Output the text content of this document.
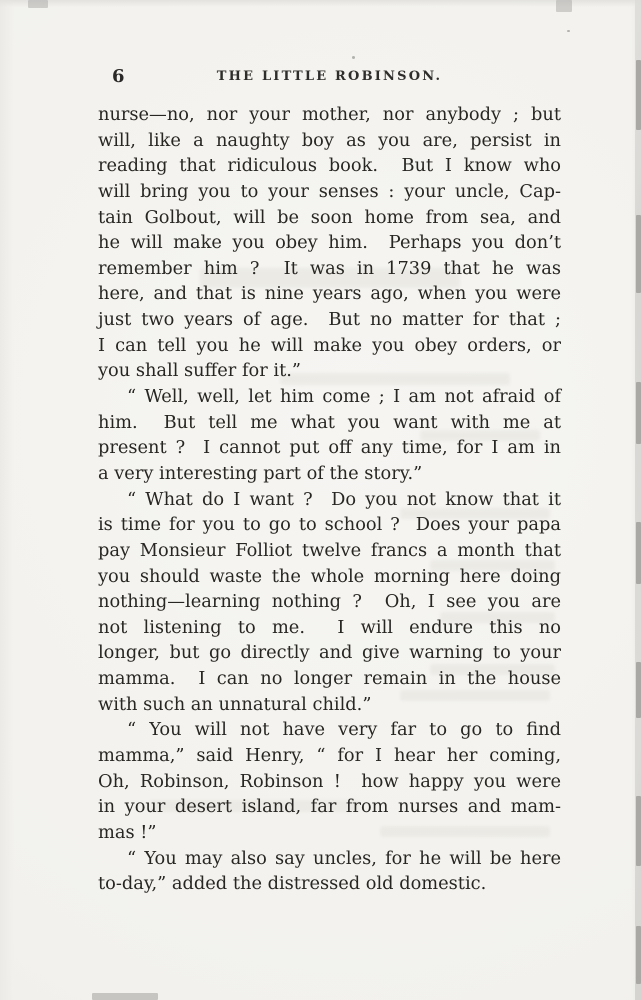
6	THE LITTLE ROBINSON.
nurse—no, nor your mother, nor anybody ; but
will, like a naughty boy as you are, persist in
reading that ridiculous book.  But I know who
will bring you to your senses : your uncle, Cap-
tain Golbout, will be soon home from sea, and
he will make you obey him.  Perhaps you don’t
remember him ?  It was in 1739 that he was
here, and that is nine years ago, when you were
just two years of age.  But no matter for that ;
I can tell you he will make you obey orders, or
you shall suffer for it.”
“ Well, well, let him come ; I am not afraid of
him.  But tell me what you want with me at
present ?  I cannot put off any time, for I am in
a very interesting part of the story.”
“ What do I want ?  Do you not know that it
is time for you to go to school ?  Does your papa
pay Monsieur Folliot twelve francs a month that
you should waste the whole morning here doing
nothing—learning nothing ?  Oh, I see you are
not listening to me.  I will endure this no
longer, but go directly and give warning to your
mamma.  I can no longer remain in the house
with such an unnatural child.”
“ You will not have very far to go to find
mamma,” said Henry, “ for I hear her coming,
Oh, Robinson, Robinson !  how happy you were
in your desert island, far from nurses and mam-
mas !”
“ You may also say uncles, for he will be here
to-day,” added the distressed old domestic.
